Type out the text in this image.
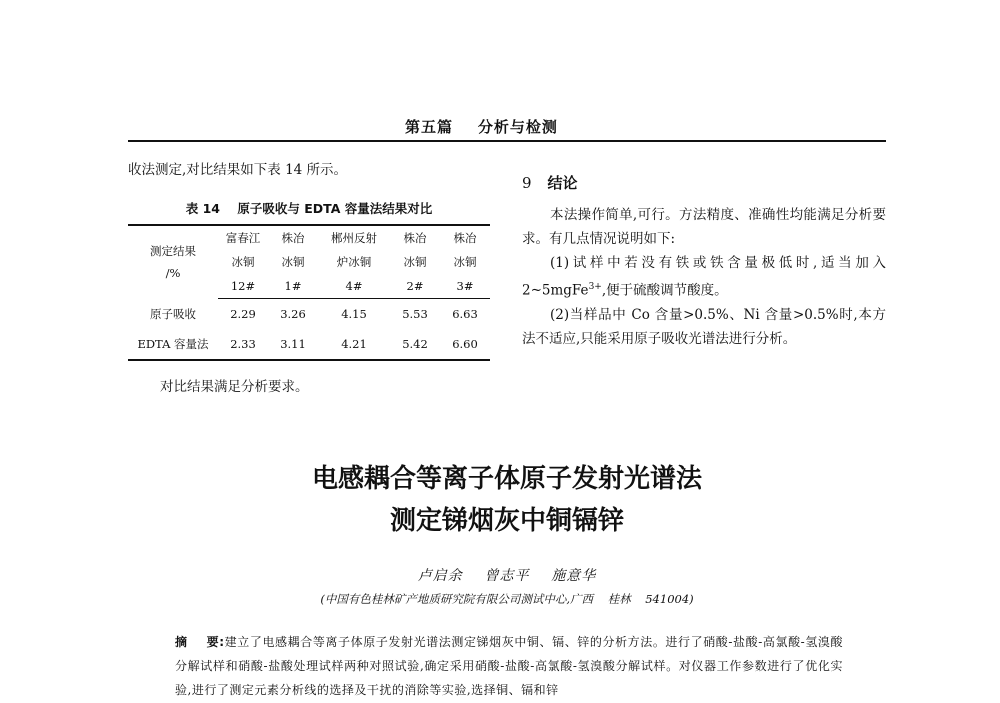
第五篇    分析与检测
收法测定,对比结果如下表 14 所示。
表 14    原子吸收与 EDTA 容量法结果对比
测定结果
/%	富春江	株冶	郴州反射	株冶	株冶
	冰铜	冰铜	炉冰铜	冰铜	冰铜
	12#	1#	4#	2#	3#
原子吸收	2.29	3.26	4.15	5.53	6.63
EDTA 容量法	2.33	3.11	4.21	5.42	6.60
对比结果满足分析要求。
9 结论
本法操作简单,可行。方法精度、准确性均能满足分析要求。有几点情况说明如下:
(1)试样中若没有铁或铁含量极低时,适当加入 2~5mgFe$^{3+}$,便于硫酸调节酸度。
(2)当样品中 Co 含量>0.5%、Ni 含量>0.5%时,本方法不适应,只能采用原子吸收光谱法进行分析。
电感耦合等离子体原子发射光谱法
测定锑烟灰中铜镉锌
卢启余    曾志平    施意华
(中国有色桂林矿产地质研究院有限公司测试中心,广西    桂林    541004)
摘    要:建立了电感耦合等离子体原子发射光谱法测定锑烟灰中铜、镉、锌的分析方法。进行了硝酸-盐酸-高氯酸-氢溴酸分解试样和硝酸-盐酸处理试样两种对照试验,确定采用硝酸-盐酸-高氯酸-氢溴酸分解试样。对仪器工作参数进行了优化实验,进行了测定元素分析线的选择及干扰的消除等实验,选择铜、镉和锌
